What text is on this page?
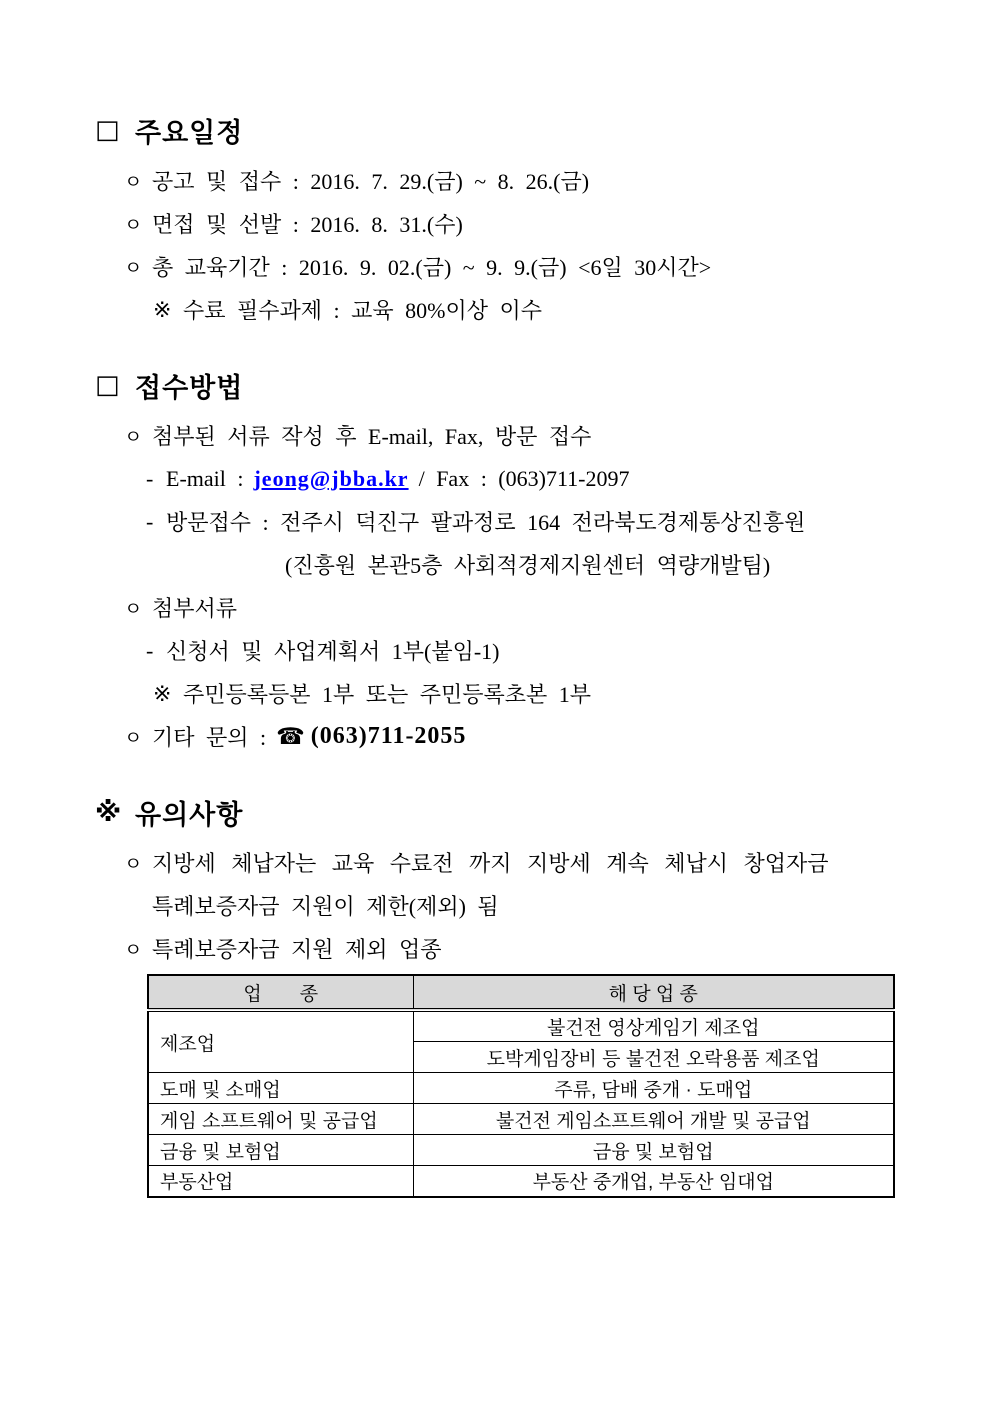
□ 주요일정
ㅇ 공고 및 접수 : 2016. 7. 29.(금) ~ 8. 26.(금)
ㅇ 면접 및 선발 : 2016. 8. 31.(수)
ㅇ 총 교육기간 : 2016. 9. 02.(금) ~ 9. 9.(금) <6일 30시간>
※ 수료 필수과제 : 교육 80%이상 이수
□ 접수방법
ㅇ 첨부된 서류 작성 후 E-mail, Fax, 방문 접수
- E-mail : jeong@jbba.kr / Fax : (063)711-2097
- 방문접수 : 전주시 덕진구 팔과정로 164 전라북도경제통상진흥원
(진흥원 본관5층 사회적경제지원센터 역량개발팀)
ㅇ 첨부서류
- 신청서 및 사업계획서 1부(붙임-1)
※ 주민등록등본 1부 또는 주민등록초본 1부
ㅇ 기타 문의 : ☎ (063)711-2055
※ 유의사항
ㅇ 지방세 체납자는 교육 수료전 까지 지방세 계속 체납시 창업자금
특례보증자금 지원이 제한(제외) 됨
ㅇ 특례보증자금 지원 제외 업종
업　　종	해 당 업 종
제조업	불건전 영상게임기 제조업
	도박게임장비 등 불건전 오락용품 제조업
도매 및 소매업	주류, 담배 중개 · 도매업
게임 소프트웨어 및 공급업	불건전 게임소프트웨어 개발 및 공급업
금융 및 보험업	금융 및 보험업
부동산업	부동산 중개업, 부동산 임대업
